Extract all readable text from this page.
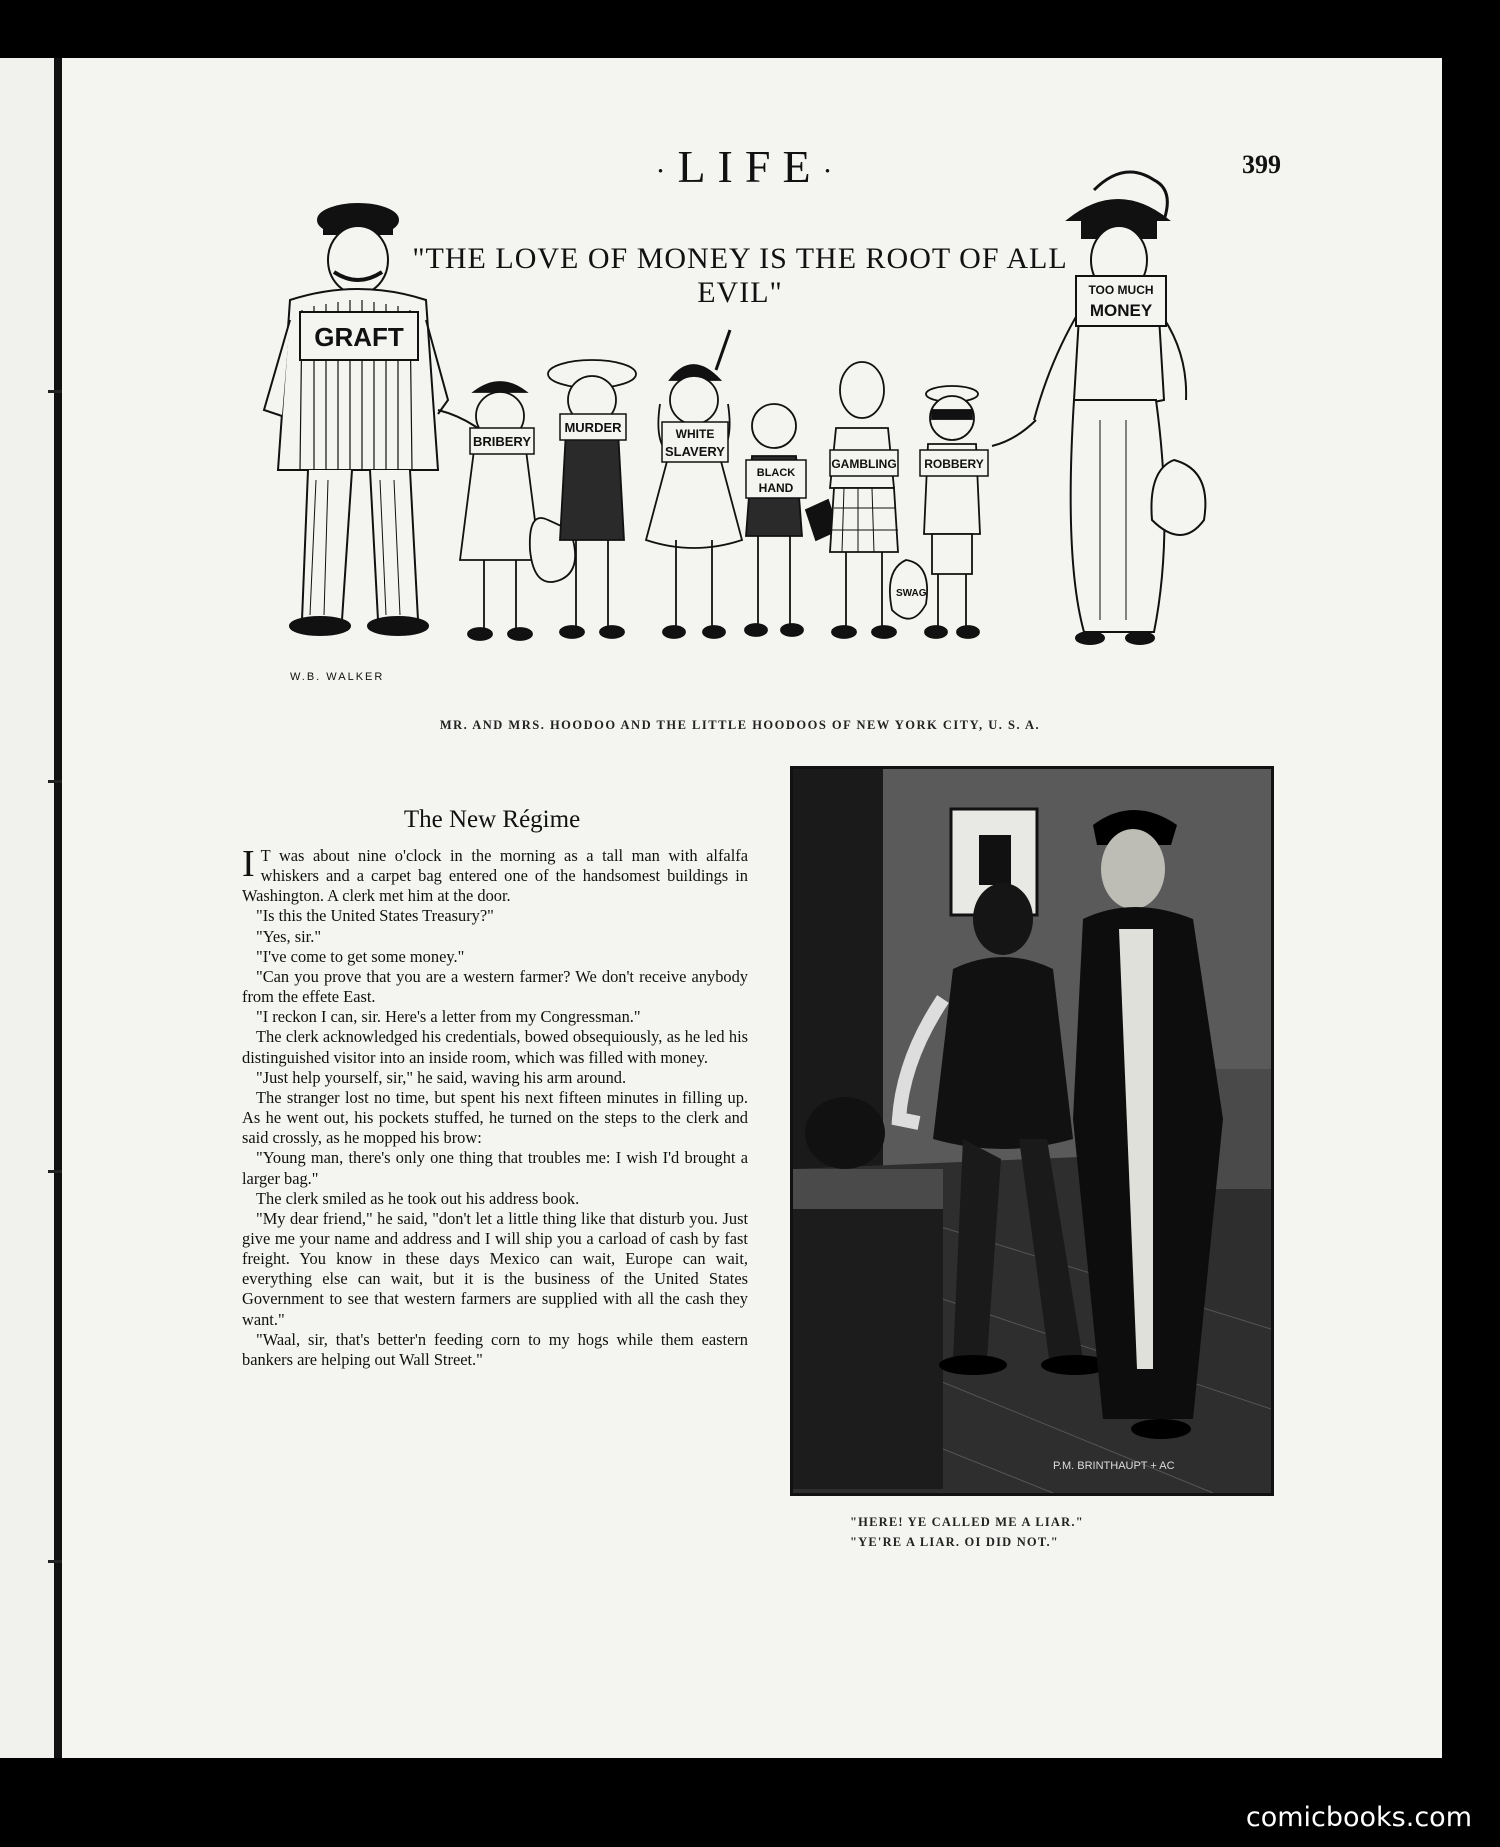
·LIFE·	399
"THE LOVE OF MONEY IS THE ROOT OF ALL EVIL"
GRAFT
W.B. WALKER
BRIBERY
MURDER	WHITE
SLAVERY
BLACK
HAND
GAMBLING
SWAG
ROBBERY
TOO MUCH
MONEY
MR. AND MRS. HOODOO AND THE LITTLE HOODOOS OF NEW YORK CITY, U. S. A.
The New Régime

I T was about nine o'clock in the morning as a tall man with alfalfa whiskers and a carpet bag entered one of the handsomest buildings in Washington. A clerk met him at the door.

"Is this the United States Treasury?"

"Yes, sir."

"I've come to get some money."

"Can you prove that you are a western farmer? We don't receive anybody from the effete East.

"I reckon I can, sir. Here's a letter from my Congressman."

The clerk acknowledged his credentials, bowed obsequiously, as he led his distinguished visitor into an inside room, which was filled with money.

"Just help yourself, sir," he said, waving his arm around.

The stranger lost no time, but spent his next fifteen minutes in filling up. As he went out, his pockets stuffed, he turned on the steps to the clerk and said crossly, as he mopped his brow:

"Young man, there's only one thing that troubles me: I wish I'd brought a larger bag."

The clerk smiled as he took out his address book.

"My dear friend," he said, "don't let a little thing like that disturb you. Just give me your name and address and I will ship you a carload of cash by fast freight. You know in these days Mexico can wait, Europe can wait, everything else can wait, but it is the business of the United States Government to see that western farmers are supplied with all the cash they want."

"Waal, sir, that's better'n feeding corn to my hogs while them eastern bankers are helping out Wall Street."

P.M. BRINTHAUPT + AC
"HERE! YE CALLED ME A LIAR."
"YE'RE A LIAR. OI DID NOT."
comicbooks.com
